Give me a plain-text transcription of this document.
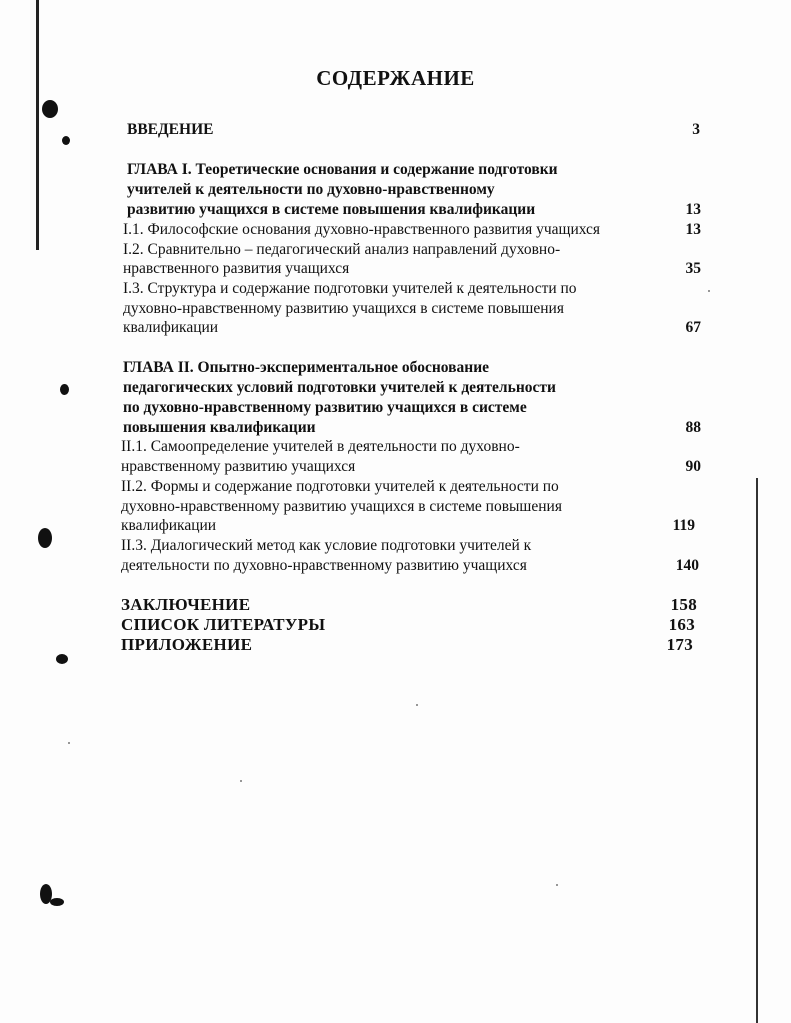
СОДЕРЖАНИЕ
ВВЕДЕНИЕ	3
ГЛАВА I. Теоретические основания и содержание подготовки
учителей к деятельности по духовно-нравственному
развитию учащихся в системе повышения квалификации	13
I.1. Философские основания духовно-нравственного развития учащихся	13
I.2. Сравнительно – педагогический анализ направлений духовно-
нравственного развития учащихся	35
I.3. Структура и содержание подготовки учителей к деятельности по
духовно-нравственному развитию учащихся в системе повышения
квалификации	67
ГЛАВА II. Опытно-экспериментальное обоснование
педагогических условий подготовки учителей к деятельности
по духовно-нравственному развитию учащихся в системе
повышения квалификации	88
II.1. Самоопределение учителей в деятельности по духовно-
нравственному развитию учащихся	90
II.2. Формы и содержание подготовки учителей к деятельности по
духовно-нравственному развитию учащихся в системе повышения
квалификации	119
II.3. Диалогический метод как условие подготовки учителей к
деятельности по духовно-нравственному развитию учащихся	140
ЗАКЛЮЧЕНИЕ	158
СПИСОК ЛИТЕРАТУРЫ	163
ПРИЛОЖЕНИЕ	173
